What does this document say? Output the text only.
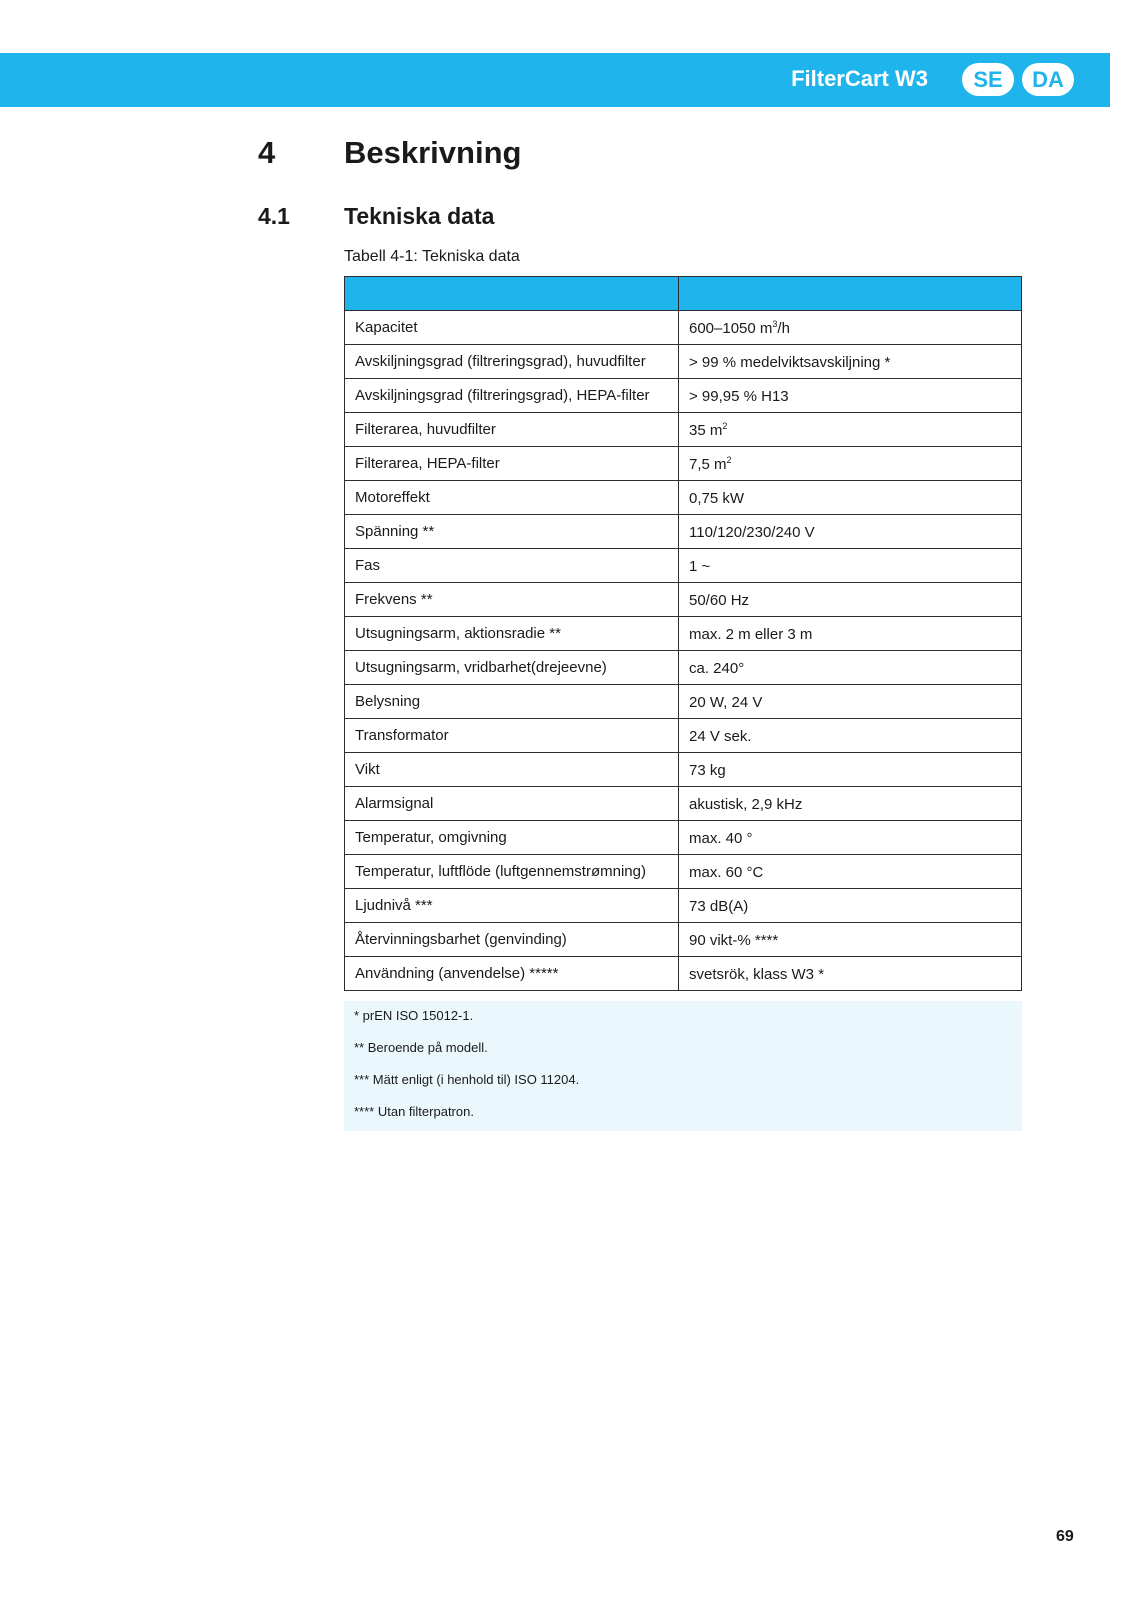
FilterCart W3	SE	DA
4 Beskrivning
4.1 Tekniska data
Tabell 4-1: Tekniska data

Kapacitet	600–1050 $m^3/h$
Avskiljningsgrad (filtreringsgrad), huvudfilter	> 99 % medelviktsavskiljning *
Avskiljningsgrad (filtreringsgrad), HEPA-filter	> 99,95 % H13
Filterarea, huvudfilter	35 $m^2$
Filterarea, HEPA-filter	7,5 $m^2$
Motoreffekt	0,75 kW
Spänning **	110/120/230/240 V
Fas	1 ~
Frekvens **	50/60 Hz
Utsugningsarm, aktionsradie **	max. 2 m eller 3 m
Utsugningsarm, vridbarhet(drejeevne)	ca. 240°
Belysning	20 W, 24 V
Transformator	24 V sek.
Vikt	73 kg
Alarmsignal	akustisk, 2,9 kHz
Temperatur, omgivning	max. 40 °
Temperatur, luftflöde (luftgennemstrømning)	max. 60 °C
Ljudnivå ***	73 dB(A)
Återvinningsbarhet (genvinding)	90 vikt-% ****
Användning (anvendelse) *****	svetsrök, klass W3 *
* prEN ISO 15012-1.
** Beroende på modell.
*** Mätt enligt (i henhold til) ISO 11204.
**** Utan filterpatron.
69
